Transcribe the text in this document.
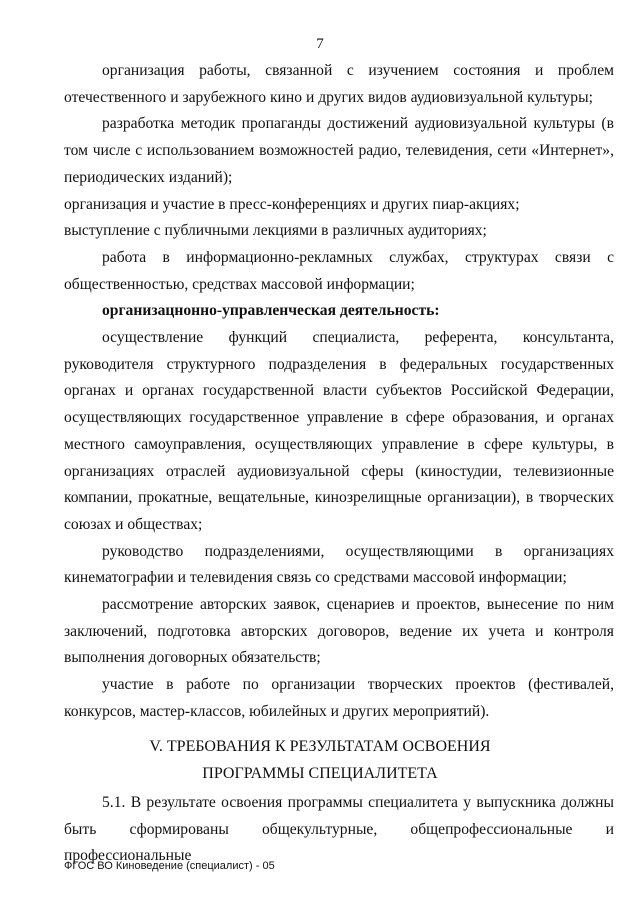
7

организация работы, связанной с изучением состояния и проблем отечественного и зарубежного кино и других видов аудиовизуальной культуры;

разработка методик пропаганды достижений аудиовизуальной культуры (в том числе с использованием возможностей радио, телевидения, сети «Интернет», периодических изданий);

организация и участие в пресс-конференциях и других пиар-акциях;

выступление с публичными лекциями в различных аудиториях;

работа в информационно-рекламных службах, структурах связи с общественностью, средствах массовой информации;

организацнонно-управленческая деятельность:

осуществление функций специалиста, референта, консультанта, руководителя структурного подразделения в федеральных государственных органах и органах государственной власти субъектов Российской Федерации, осуществляющих государственное управление в сфере образования, и органах местного самоуправления, осуществляющих управление в сфере культуры, в организациях отраслей аудиовизуальной сферы (киностудии, телевизионные компании, прокатные, вещательные, кинозрелищные организации), в творческих союзах и обществах;

руководство подразделениями, осуществляющими в организациях кинематографии и телевидения связь со средствами массовой информации;

рассмотрение авторских заявок, сценариев и проектов, вынесение по ним заключений, подготовка авторских договоров, ведение их учета и контроля выполнения договорных обязательств;

участие в работе по организации творческих проектов (фестивалей, конкурсов, мастер-классов, юбилейных и других мероприятий).

V. ТРЕБОВАНИЯ К РЕЗУЛЬТАТАМ ОСВОЕНИЯ
ПРОГРАММЫ СПЕЦИАЛИТЕТА

5.1. В результате освоения программы специалитета у выпускника должны быть сформированы общекультурные, общепрофессиональные и профессиональные

ФГОС ВО Киноведение (специалист) - 05
